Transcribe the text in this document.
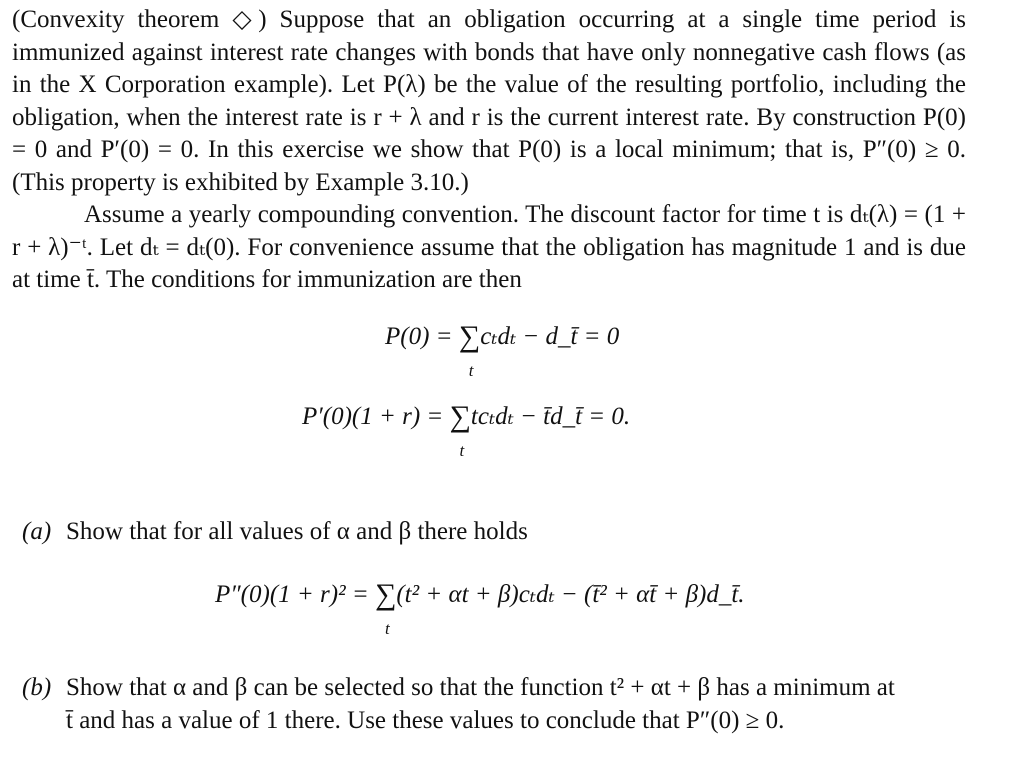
(Convexity theorem ◇) Suppose that an obligation occurring at a single time period is immunized against interest rate changes with bonds that have only nonnegative cash flows (as in the X Corporation example). Let P(λ) be the value of the resulting portfolio, including the obligation, when the interest rate is r + λ and r is the current interest rate. By construction P(0) = 0 and P′(0) = 0. In this exercise we show that P(0) is a local minimum; that is, P″(0) ≥ 0. (This property is exhibited by Example 3.10.)

Assume a yearly compounding convention. The discount factor for time t is dₜ(λ) = (1 + r + λ)⁻ᵗ. Let dₜ = dₜ(0). For convenience assume that the obligation has magnitude 1 and is due at time t̄. The conditions for immunization are then

P(0) = ∑
t
cₜdₜ − d_t̄ = 0
P′(0)(1 + r) = ∑
t
tcₜdₜ − t̄d_t̄ = 0.

(a) Show that for all values of α and β there holds

P″(0)(1 + r)² = ∑
t
(t² + αt + β)cₜdₜ − (t̄² + αt̄ + β)d_t̄.

(b) Show that α and β can be selected so that the function t² + αt + β has a minimum at
t̄ and has a value of 1 there. Use these values to conclude that P″(0) ≥ 0.
